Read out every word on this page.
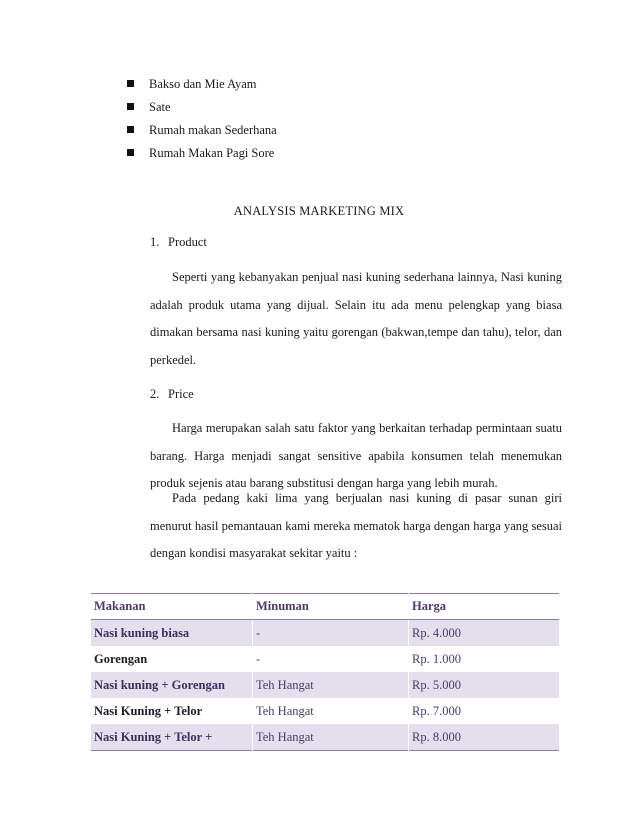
Bakso dan Mie Ayam
Sate
Rumah makan Sederhana
Rumah Makan Pagi Sore
ANALYSIS MARKETING MIX
1. Product

Seperti yang kebanyakan penjual nasi kuning sederhana lainnya, Nasi kuning adalah produk utama yang dijual. Selain itu ada menu pelengkap yang biasa dimakan bersama nasi kuning yaitu gorengan (bakwan,tempe dan tahu), telor, dan perkedel.

2. Price

Harga merupakan salah satu faktor yang berkaitan terhadap permintaan suatu barang. Harga menjadi sangat sensitive apabila konsumen telah menemukan produk sejenis atau barang substitusi dengan harga yang lebih murah.

Pada pedang kaki lima yang berjualan nasi kuning di pasar sunan giri menurut hasil pemantauan kami mereka mematok harga dengan harga yang sesuai dengan kondisi masyarakat sekitar yaitu :

Makanan	Minuman	Harga
Nasi kuning biasa	-	Rp. 4.000
Gorengan	-	Rp. 1.000
Nasi kuning + Gorengan	Teh Hangat	Rp. 5.000
Nasi Kuning + Telor	Teh Hangat	Rp. 7.000
Nasi Kuning + Telor +	Teh Hangat	Rp. 8.000
